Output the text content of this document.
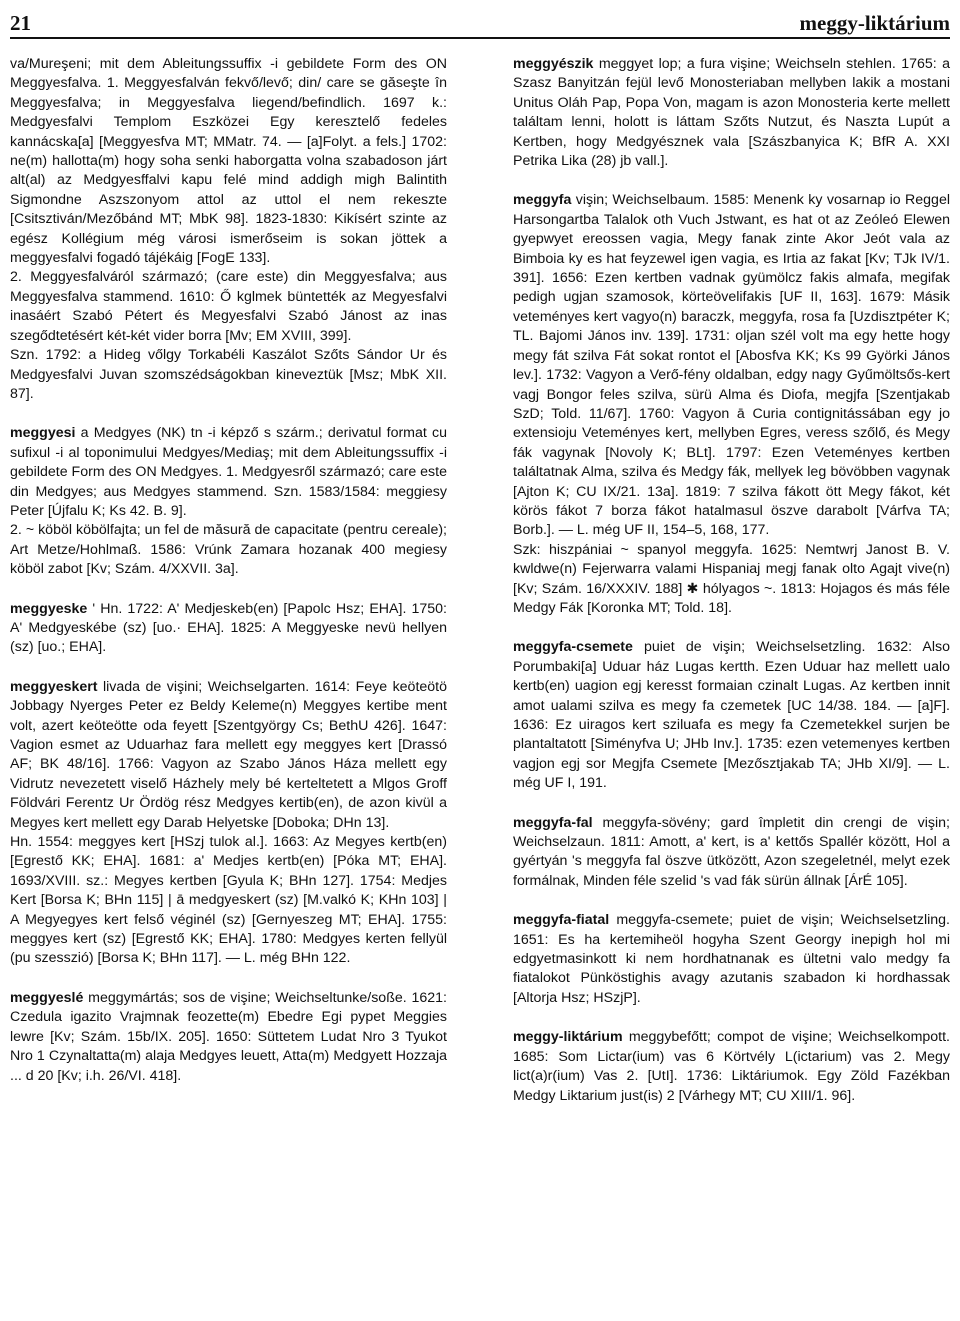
21	meggy-liktárium

va/Mureşeni; mit dem Ableitungssuffix -i gebildete Form des ON Meggyesfalva. 1. Meggyesfalván fekvő/levő; din/ care se găseşte în Meggyesfalva; in Meggyesfalva liegend/befindlich. 1697 k.: Medgyesfalvi Templom Eszközei Egy keresztelő fedeles kannácska[a] [Meggyesfva MT; MMatr. 74. — [a]Folyt. a fels.] 1702: ne(m) hallotta(m) hogy soha senki haborgatta volna szabadoson járt alt(al) az Medgyesffalvi kapu felé mind addigh migh Balintith Sigmondne Aszszonyom attol az uttol el nem rekeszte [Csitsztiván/Mezőbánd MT; MbK 98]. 1823-1830: Kikísért szinte az egész Kollégium még városi ismerőseim is sokan jöttek a meggyesfalvi fogadó tájékáig [FogE 133].

2. Meggyesfalváról származó; (care este) din Meggyesfalva; aus Meggyesfalva stammend. 1610: Ő kglmek büntették az Megyesfalvi inasáért Szabó Pétert és Megyesfalvi Szabó Jánost az inas szegődtetésért két-két vider borra [Mv; EM XVIII, 399].

Szn. 1792: a Hideg vőlgy Torkabéli Kaszálot Szőts Sándor Ur és Medgyesfalvi Juvan szomszédságokban kineveztük [Msz; MbK XII. 87].

meggyesi a Medgyes (NK) tn -i képző s szárm.; derivatul format cu sufixul -i al toponimului Medgyes/Mediaş; mit dem Ableitungssuffix -i gebildete Form des ON Medgyes. 1. Medgyesről származó; care este din Medgyes; aus Medgyes stammend. Szn. 1583/1584: meggiesy Peter [Újfalu K; Ks 42. B. 9].

2. ~ köböl köbölfajta; un fel de măsură de capacitate (pentru cereale); Art Metze/Hohlmaß. 1586: Vrúnk Zamara hozanak 400 megiesy köböl zabot [Kv; Szám. 4/XXVII. 3a].

meggyeske ' Hn. 1722: A' Medjeskeb(en) [Papolc Hsz; EHA]. 1750: A' Medgyeskébe (sz) [uo.· EHA]. 1825: A Meggyeske nevü hellyen (sz) [uo.; EHA].

meggyeskert livada de vişini; Weichselgarten. 1614: Feye keöteötö Jobbagy Nyerges Peter ez Beldy Keleme(n) Meggyes kertibe ment volt, azert keöteötte oda feyett [Szentgyörgy Cs; BethU 426]. 1647: Vagion esmet az Uduarhaz fara mellett egy meggyes kert [Drassó AF; BK 48/16]. 1766: Vagyon az Szabo János Háza mellett egy Vidrutz nevezetett viselő Házhely mely bé kerteltetett a Mlgos Groff Földvári Ferentz Ur Ördög rész Medgyes kertib(en), de azon kivül a Megyes kert mellett egy Darab Helyetske [Doboka; DHn 13].

Hn. 1554: meggyes kert [HSzj tulok al.]. 1663: Az Megyes kertb(en) [Egrestő KK; EHA]. 1681: a' Medjes kertb(en) [Póka MT; EHA]. 1693/XVIII. sz.: Megyes kertben [Gyula K; BHn 127]. 1754: Medjes Kert [Borsa K; BHn 115] | ā medgyeskert (sz) [M.valkó K; KHn 103] | A Megyegyes kert felső véginél (sz) [Gernyeszeg MT; EHA]. 1755: meggyes kert (sz) [Egrestő KK; EHA]. 1780: Medgyes kerten fellyül (pu szesszió) [Borsa K; BHn 117]. — L. még BHn 122.

meggyeslé meggymártás; sos de vişine; Weichseltunke/soße. 1621: Czedula igazito Vrajmnak feozette(m) Ebedre Egi pypet Meggies lewre [Kv; Szám. 15b/IX. 205]. 1650: Süttetem Ludat Nro 3 Tyukot Nro 1 Czynaltatta(m) alaja Medgyes leuett, Atta(m) Medgyett Hozzaja ... d 20 [Kv; i.h. 26/VI. 418].

meggyészik meggyet lop; a fura vişine; Weichseln stehlen. 1765: a Szasz Banyitzán fejül levő Monosteriaban mellyben lakik a mostani Unitus Oláh Pap, Popa Von, magam is azon Monosteria kerte mellett találtam lenni, holott is láttam Szőts Nutzut, és Naszta Lupút a Kertben, hogy Medgyésznek vala [Szászbanyica K; BfR A. XXI Petrika Lika (28) jb vall.].

meggyfa vişin; Weichselbaum. 1585: Menenk ky vosarnap io Reggel Harsongartba Talalok oth Vuch Jstwant, es hat ot az Zeóleó Elewen gyepwyet ereossen vagia, Megy fanak zinte Akor Jeót vala az Bimboia ky es hat feyzewel igen vagia, es Irtia az fakat [Kv; TJk IV/1. 391]. 1656: Ezen kertben vadnak gyümölcz fakis almafa, megifak pedigh ugjan szamosok, körteövelifakis [UF II, 163]. 1679: Másik veteményes kert vagyo(n) baraczk, meggyfa, rosa fa [Uzdisztpéter K; TL. Bajomi János inv. 139]. 1731: oljan szél volt ma egy hette hogy megy fát szilva Fát sokat rontot el [Abosfva KK; Ks 99 Györki János lev.]. 1732: Vagyon a Verő-fény oldalban, edgy nagy Gyűmöltsős-kert vagj Bongor feles szilva, sürü Alma és Diofa, megjfa [Szentjakab SzD; Told. 11/67]. 1760: Vagyon ā Curia contignitássában egy jo extensioju Veteményes kert, mellyben Egres, veress szőlő, és Megy fák vagynak [Novoly K; BLt]. 1797: Ezen Veteményes kertben találtatnak Alma, szilva és Medgy fák, mellyek leg bövöbben vagynak [Ajton K; CU IX/21. 13a]. 1819: 7 szilva fákott ött Megy fákot, két körös fákot 7 borza fákot hatalmasul öszve darabolt [Várfva TA; Borb.]. — L. még UF II, 154–5, 168, 177.

Szk: hiszpániai ~ spanyol meggyfa. 1625: Nemtwrj Janost B. V. kwldwe(n) Fejerwarra valami Hispaniaj megj fanak olto Agajt vive(n) [Kv; Szám. 16/XXXIV. 188] ✱ hólyagos ~. 1813: Hojagos és más féle Medgy Fák [Koronka MT; Told. 18].

meggyfa-csemete puiet de vişin; Weichselsetzling. 1632: Also Porumbaki[a] Uduar ház Lugas kertth. Ezen Uduar haz mellett ualo kertb(en) uagion egj keresst formaian czinalt Lugas. Az kertben innit amot ualami szilva es megy fa czemetek [UC 14/38. 184. — [a]F]. 1636: Ez uiragos kert sziluafa es megy fa Czemetekkel surjen be plantaltatott [Siményfva U; JHb Inv.]. 1735: ezen vetemenyes kertben vagjon egj sor Megjfa Csemete [Mezősztjakab TA; JHb XI/9]. — L. még UF I, 191.

meggyfa-fal meggyfa-sövény; gard împletit din crengi de vişin; Weichselzaun. 1811: Amott, a' kert, is a' kettős Spallér között, Hol a gyértyán 's meggyfa fal öszve ütközött, Azon szegeletnél, melyt ezek formálnak, Minden féle szelid 's vad fák sürün állnak [ÁrÉ 105].

meggyfa-fiatal meggyfa-csemete; puiet de vişin; Weichselsetzling. 1651: Es ha kertemiheöl hogyha Szent Georgy inepigh hol mi edgyetmasinkott ki nem hordhatnanak es ültetni valo medgy fa fiatalokot Pünköstighis avagy azutanis szabadon ki hordhassak [Altorja Hsz; HSzjP].

meggy-liktárium meggybefőtt; compot de vişine; Weichselkompott. 1685: Som Lictar(ium) vas 6 Körtvély L(ictarium) vas 2. Megy lict(a)r(ium) Vas 2. [UtI]. 1736: Liktáriumok. Egy Zöld Fazékban Medgy Liktarium just(is) 2 [Várhegy MT; CU XIII/1. 96].
